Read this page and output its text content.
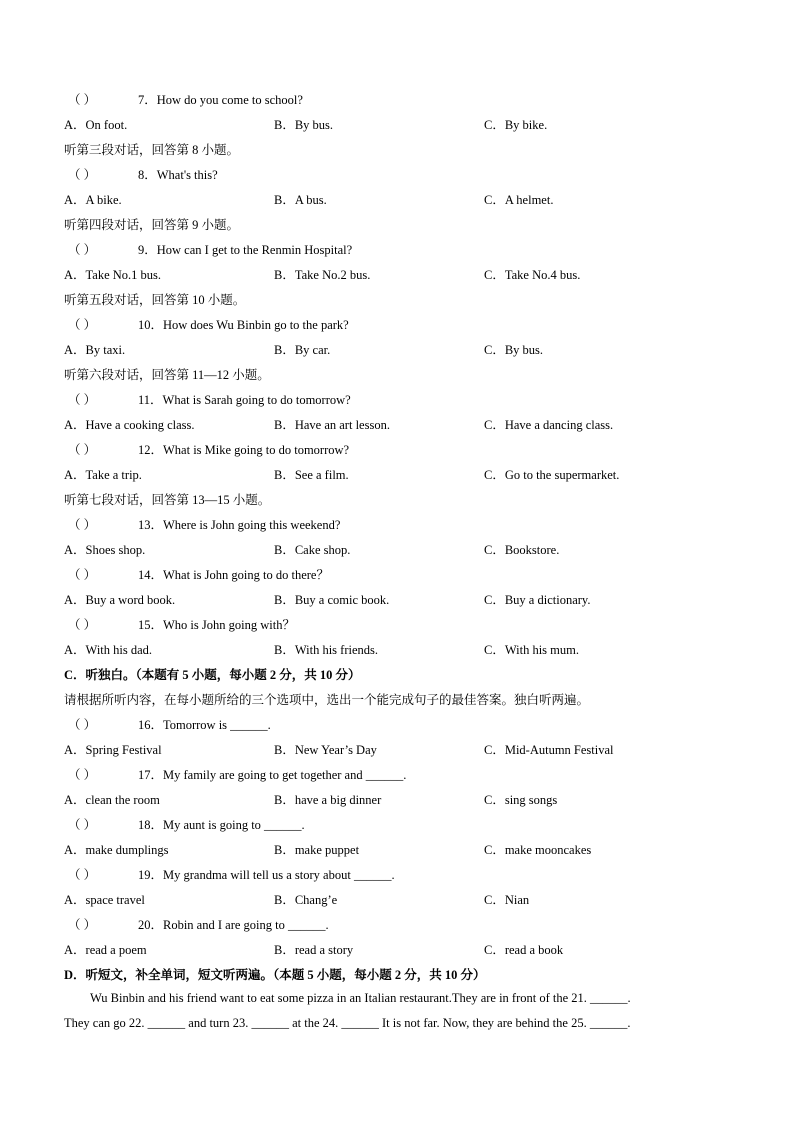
（ ）	7．How do you come to school?
A．On foot.	B．By bus.	C．By bike.
听第三段对话，回答第 8 小题。
（ ）	8．What's this?
A．A bike.	B．A bus.	C．A helmet.
听第四段对话，回答第 9 小题。
（ ）	9．How can I get to the Renmin Hospital?
A．Take No.1 bus.	B．Take No.2 bus.	C．Take No.4 bus.
听第五段对话，回答第 10 小题。
（ ）	10．How does Wu Binbin go to the park?
A．By taxi.	B．By car.	C．By bus.
听第六段对话，回答第 11—12 小题。
（ ）	11．What is Sarah going to do tomorrow?
A．Have a cooking class.	B．Have an art lesson.	C．Have a dancing class.
（ ）	12．What is Mike going to do tomorrow?
A．Take a trip.	B．See a film.	C．Go to the supermarket.
听第七段对话，回答第 13—15 小题。
（ ）	13．Where is John going this weekend?
A．Shoes shop.	B．Cake shop.	C．Bookstore.
（ ）	14．What is John going to do there？
A．Buy a word book.	B．Buy a comic book.	C．Buy a dictionary.
（ ）	15．Who is John going with？
A．With his dad.	B．With his friends.	C．With his mum.
C．听独白。（本题有 5 小题，每小题 2 分，共 10 分）
请根据所听内容，在每小题所给的三个选项中，选出一个能完成句子的最佳答案。独白听两遍。
（ ）	16．Tomorrow is ______.
A．Spring Festival	B．New Year’s Day	C．Mid-Autumn Festival
（ ）	17．My family are going to get together and ______.
A．clean the room	B．have a big dinner	C．sing songs
（ ）	18．My aunt is going to ______.
A．make dumplings	B．make puppet	C．make mooncakes
（ ）	19．My grandma will tell us a story about ______.
A．space travel	B．Chang’e	C．Nian
（ ）	20．Robin and I are going to ______.
A．read a poem	B．read a story	C．read a book
D．听短文，补全单词，短文听两遍。（本题 5 小题，每小题 2 分，共 10 分）
Wu Binbin and his friend want to eat some pizza in an Italian restaurant.They are in front of the 21. ______.
They can go 22. ______ and turn 23. ______ at the 24. ______ It is not far. Now, they are behind the 25. ______.
